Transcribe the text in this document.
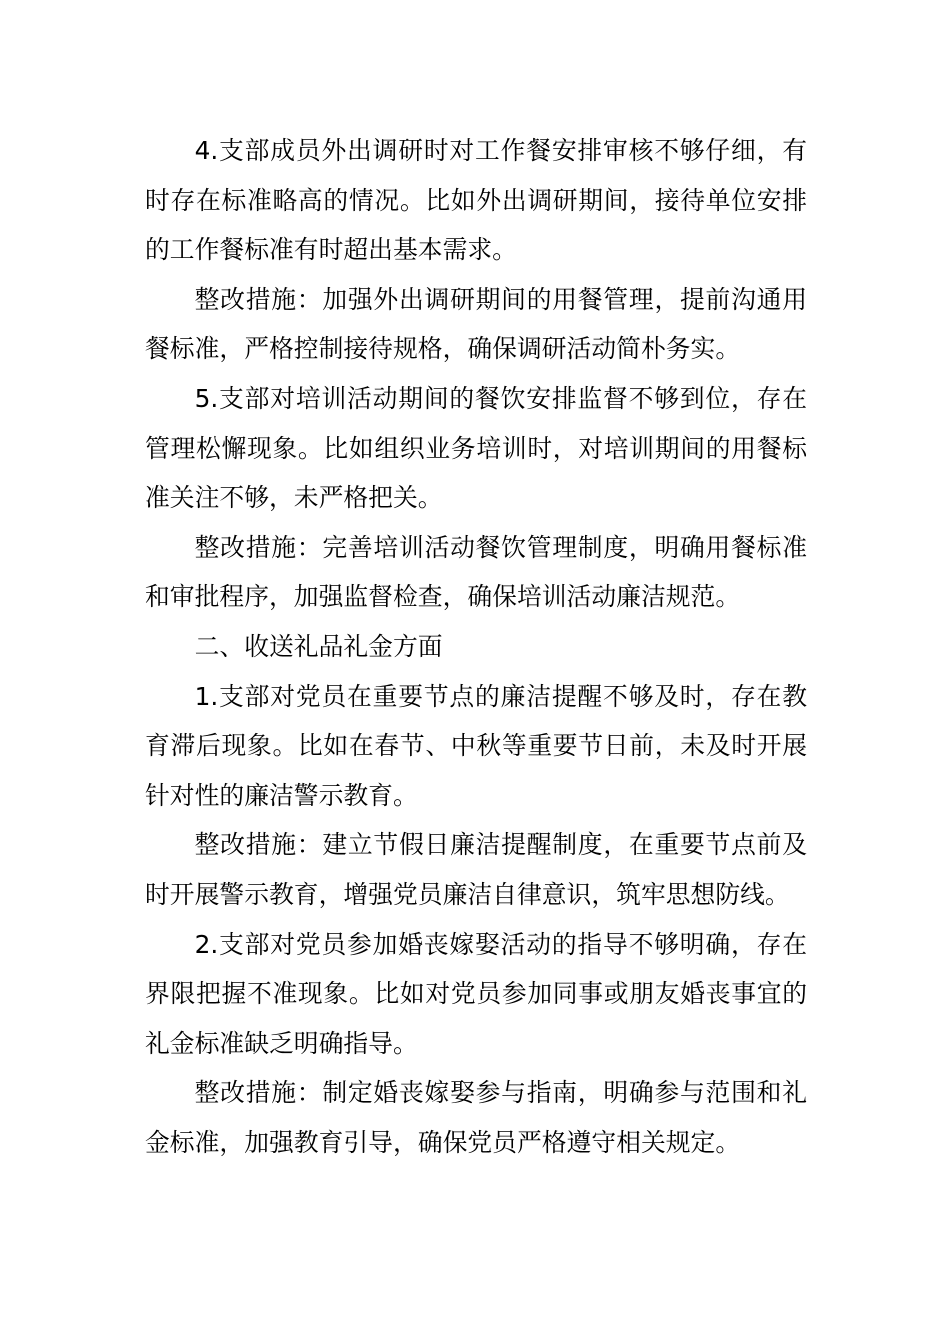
4.支部成员外出调研时对工作餐安排审核不够仔细，有时存在标准略高的情况。比如外出调研期间，接待单位安排的工作餐标准有时超出基本需求。

整改措施：加强外出调研期间的用餐管理，提前沟通用餐标准，严格控制接待规格，确保调研活动简朴务实。

5.支部对培训活动期间的餐饮安排监督不够到位，存在管理松懈现象。比如组织业务培训时，对培训期间的用餐标准关注不够，未严格把关。

整改措施：完善培训活动餐饮管理制度，明确用餐标准和审批程序，加强监督检查，确保培训活动廉洁规范。

二、收送礼品礼金方面

1.支部对党员在重要节点的廉洁提醒不够及时，存在教育滞后现象。比如在春节、中秋等重要节日前，未及时开展针对性的廉洁警示教育。

整改措施：建立节假日廉洁提醒制度，在重要节点前及时开展警示教育，增强党员廉洁自律意识，筑牢思想防线。

2.支部对党员参加婚丧嫁娶活动的指导不够明确，存在界限把握不准现象。比如对党员参加同事或朋友婚丧事宜的礼金标准缺乏明确指导。

整改措施：制定婚丧嫁娶参与指南，明确参与范围和礼金标准，加强教育引导，确保党员严格遵守相关规定。
